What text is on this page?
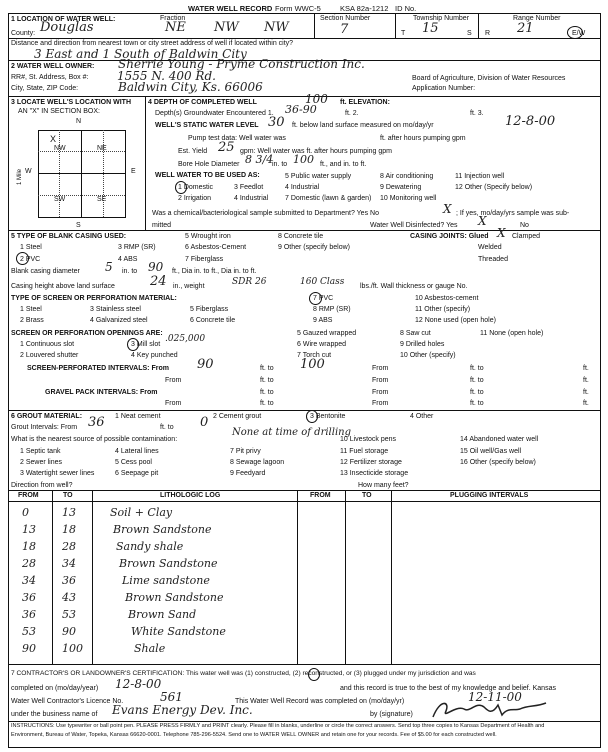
WATER WELL RECORD Form WWC-5	KSA 82a-1212 ID No.
1 LOCATION OF WATER WELL:	Fraction
County: Douglas	NE NW NW
Section Number
7
Township Number
T 15	S
Range Number
R 21	E/W
Distance and direction from nearest town or city street address of well if located within city?
3 East and 1 South of Baldwin City
2 WATER WELL OWNER: Sherrie Young - Pryme Construction Inc.
RR#, St. Address, Box #: 1555 N. 400 Rd.
City, State, ZIP Code:	Baldwin City, Ks. 66006
Board of Agriculture, Division of Water Resources
Application Number:
3 LOCATE WELL'S LOCATION WITH
AN "X" IN SECTION BOX:
N
S
W	E
1 Mile
NW	NE
SW	SE
X
4 DEPTH OF COMPLETED WELL	100 ft. ELEVATION:
Depth(s) Groundwater Encountered 1. 36-90	ft. 2.	ft. 3.
WELL'S STATIC WATER LEVEL 30 ft. below land surface measured on mo/day/yr	12-8-00
Pump test data: Well water was	ft. after hours pumping gpm
Est. Yield 25 gpm: Well water was ft. after hours pumping gpm
Bore Hole Diameter 8 3/4
in. to 100 ft., and in. to ft.
WELL WATER TO BE USED AS:
1 Domestic	3 Feedlot	4 Industrial	9 Dewatering	12 Other (Specify below)
5 Public water supply	8 Air conditioning	11 Injection well
2 Irrigation	4 Industrial 7 Domestic (lawn & garden) 10 Monitoring well
Was a chemical/bacteriological sample submitted to Department? Yes No	X ; If yes, mo/day/yrs sample was sub-
mitted	Water Well Disinfected? Yes X	No
5 TYPE OF BLANK CASING USED:
1 Steel
2 PVC
3 RMP (SR)
4 ABS
5 Wrought iron
6 Asbestos-Cement
7 Fiberglass
8 Concrete tile
9 Other (specify below)
CASING JOINTS: Glued X Clamped
Welded
Threaded
Blank casing diameter 5 in. to 90 ft., Dia in. to ft., Dia in. to ft.
Casing height above land surface	24 in., weight	SDR 26	160 Class lbs./ft. Wall thickness or gauge No.
TYPE OF SCREEN OR PERFORATION MATERIAL:
1 Steel
2 Brass
3 Stainless steel
4 Galvanized steel
5 Fiberglass
6 Concrete tile
7 PVC
8 RMP (SR)
9 ABS
10 Asbestos-cement
11 Other (specify)
12 None used (open hole)
SCREEN OR PERFORATION OPENINGS ARE:
1 Continuous slot
2 Louvered shutter
3 Mill slot
.025,000
4 Key punched
5 Gauzed wrapped
6 Wire wrapped
7 Torch cut
8 Saw cut
9 Drilled holes
10 Other (specify)
11 None (open hole)
SCREEN-PERFORATED INTERVALS: From 90	ft. to 100	From	ft. to	ft.
From	ft. to	From	ft. to	ft.
GRAVEL PACK INTERVALS: From	ft. to	From	ft. to	ft.
From	ft. to	From	ft. to	ft.
6 GROUT MATERIAL:	1 Neat cement	2 Cement grout	3 Bentonite	4 Other
Grout Intervals: From 36	ft. to 0
What is the nearest source of possible contamination:
None at time of drilling
1 Septic tank
2 Sewer lines
3 Watertight sewer lines
4 Lateral lines
5 Cess pool
6 Seepage pit
7 Pit privy
8 Sewage lagoon
9 Feedyard
10 Livestock pens
11 Fuel storage
12 Fertilizer storage
13 Insecticide storage
14 Abandoned water well
15 Oil well/Gas well
16 Other (specify below)
Direction from well?	How many feet?
FROM	TO	LITHOLOGIC LOG	FROM	TO	PLUGGING INTERVALS
0	13	Soil + Clay
13 18	Brown Sandstone
18 28	Sandy shale
28 34	Brown Sandstone
34 36	Lime sandstone
36 43	Brown Sandstone
36 53	Brown Sand
53 90	White Sandstone
90 100	Shale
7 CONTRACTOR'S OR LANDOWNER'S CERTIFICATION: This water well was (1) constructed, (2) reconstructed, or (3) plugged under my jurisdiction and was
completed on (mo/day/year) 12-8-00	and this record is true to the best of my knowledge and belief. Kansas
Water Well Contractor's Licence No.	561	This Water Well Record was completed on (mo/day/yr)	12-11-00
under the business name of Evans Energy Dev. Inc.	by (signature)
INSTRUCTIONS: Use typewriter or ball point pen. PLEASE PRESS FIRMLY and PRINT clearly. Please fill in blanks, underline or circle the correct answers. Send top three copies to Kansas Department of Health and
Environment, Bureau of Water, Topeka, Kansas 66620-0001. Telephone 785-296-5524. Send one to WATER WELL OWNER and retain one for your records. Fee of $5.00 for each constructed well.
